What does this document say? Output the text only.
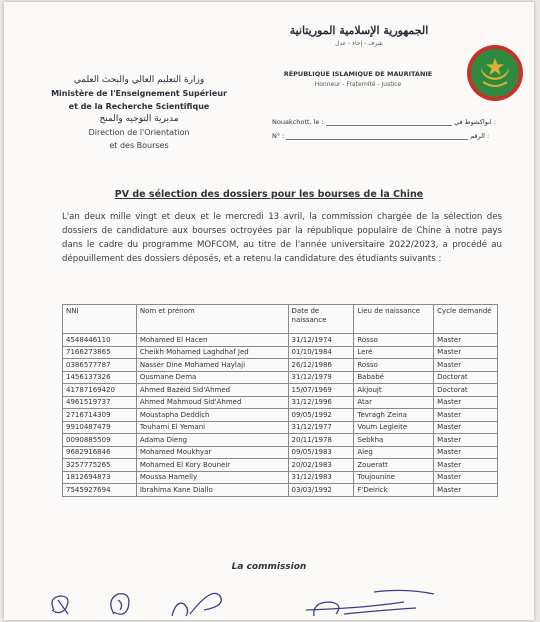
الجمهورية الإسلامية الموريتانية
شرف - إخاء - عدل
RÉPUBLIQUE ISLAMIQUE DE MAURITANIE
Honneur - Fraternité - Justice
وزارة التعليم العالي والبحث العلمي
Ministère de l'Enseignement Supérieur
et de la Recherche Scientifique
مديرية التوجيه والمنح
Direction de l'Orientation
et des Bourses
Nouakchott, le :
N° :
انواكشوط في :
الرقم :
PV de sélection des dossiers pour les bourses de la Chine
L'an deux mille vingt et deux et le mercredi 13 avril, la commission chargée de la sélection des dossiers de candidature aux bourses octroyées par la république populaire de Chine à notre pays dans le cadre du programme MOFCOM, au titre de l'année universitaire 2022/2023, a procédé au dépouillement des dossiers déposés, et a retenu la candidature des étudiants suivants :
NNI	Nom et prénom	Date de naissance	Lieu de naissance	Cycle demandé
4548446110	Mohamed El Hacen	31/12/1974	Rosso	Master
7166273865	Cheikh Mohamed Laghdhaf Jed	01/10/1984	Leré	Master
0386577787	Nasser Dine Mohamed Haylaji	26/12/1986	Rosso	Master
1456137326	Ousmane Dema	31/12/1979	Bababé	Doctorat
41787169420	Ahmed Bazeid Sid'Ahmed	15/07/1969	Akjoujt	Doctorat
4961519737	Ahmed Mahmoud Sid'Ahmed	31/12/1996	Atar	Master
2716714309	Moustapha Deddich	09/05/1992	Tevragh Zeina	Master
9910487479	Touhami El Yemani	31/12/1977	Voum Legleite	Master
0090885509	Adama Dieng	20/11/1978	Sebkha	Master
9682916846	Mohamed Moukhyar	09/05/1983	Aleg	Master
3257775265	Mohamed El Kory Bouneir	20/02/1983	Zoueratt	Master
1812694873	Moussa Hamelly	31/12/1983	Toujounine	Master
7545927694	Ibrahima Kane Diallo	03/03/1992	F'Deirick	Master
La commission
